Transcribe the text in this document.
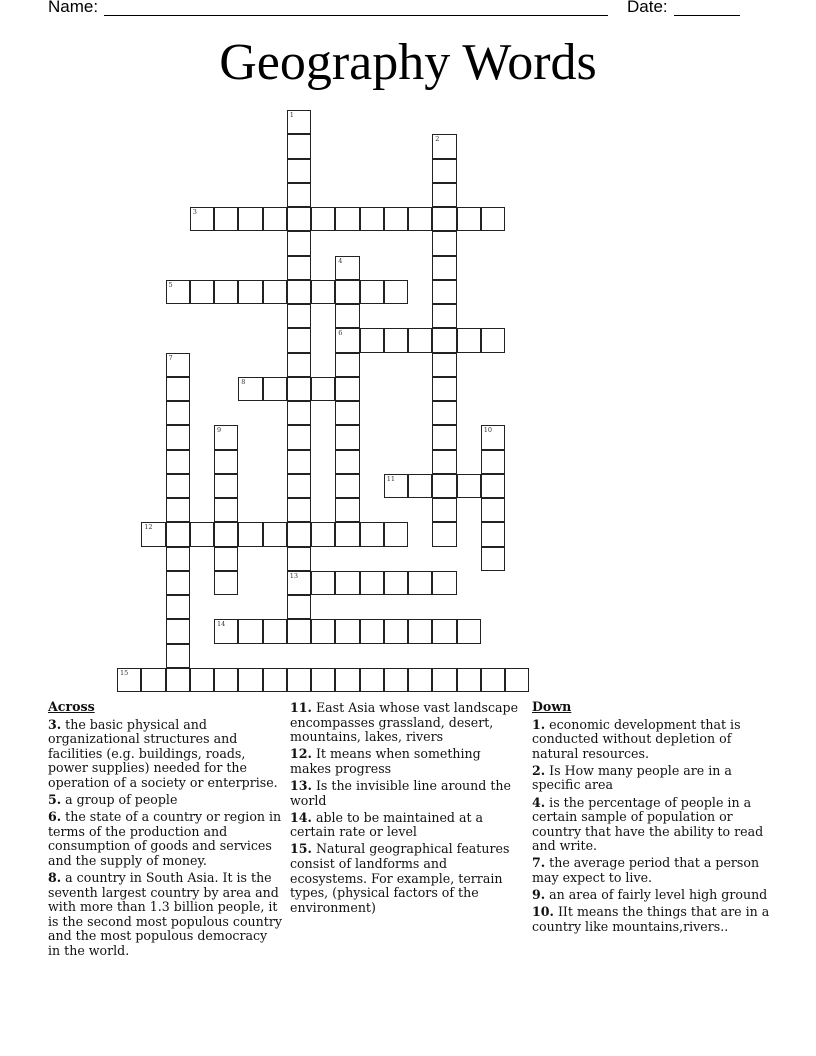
Name:	Date:
Geography Words
1
13
2
3
4
6
5
7
8
9	10
11
12
14
15
Across
3. the basic physical and organizational structures and facilities (e.g. buildings, roads, power supplies) needed for the operation of a society or enterprise.
5. a group of people
6. the state of a country or region in terms of the production and consumption of goods and services and the supply of money.
8. a country in South Asia. It is the seventh largest country by area and with more than 1.3 billion people, it is the second most populous country and the most populous democracy in the world.
11. East Asia whose vast landscape encompasses grassland, desert, mountains, lakes, rivers
12. It means when something makes progress
13. Is the invisible line around the world
14. able to be maintained at a certain rate or level
15. Natural geographical features consist of landforms and ecosystems. For example, terrain types, (physical factors of the environment)
Down
1. economic development that is conducted without depletion of natural resources.
2. Is How many people are in a specific area
4. is the percentage of people in a certain sample of population or country that have the ability to read and write.
7. the average period that a person may expect to live.
9. an area of fairly level high ground
10. IIt means the things that are in a country like mountains,rivers..
